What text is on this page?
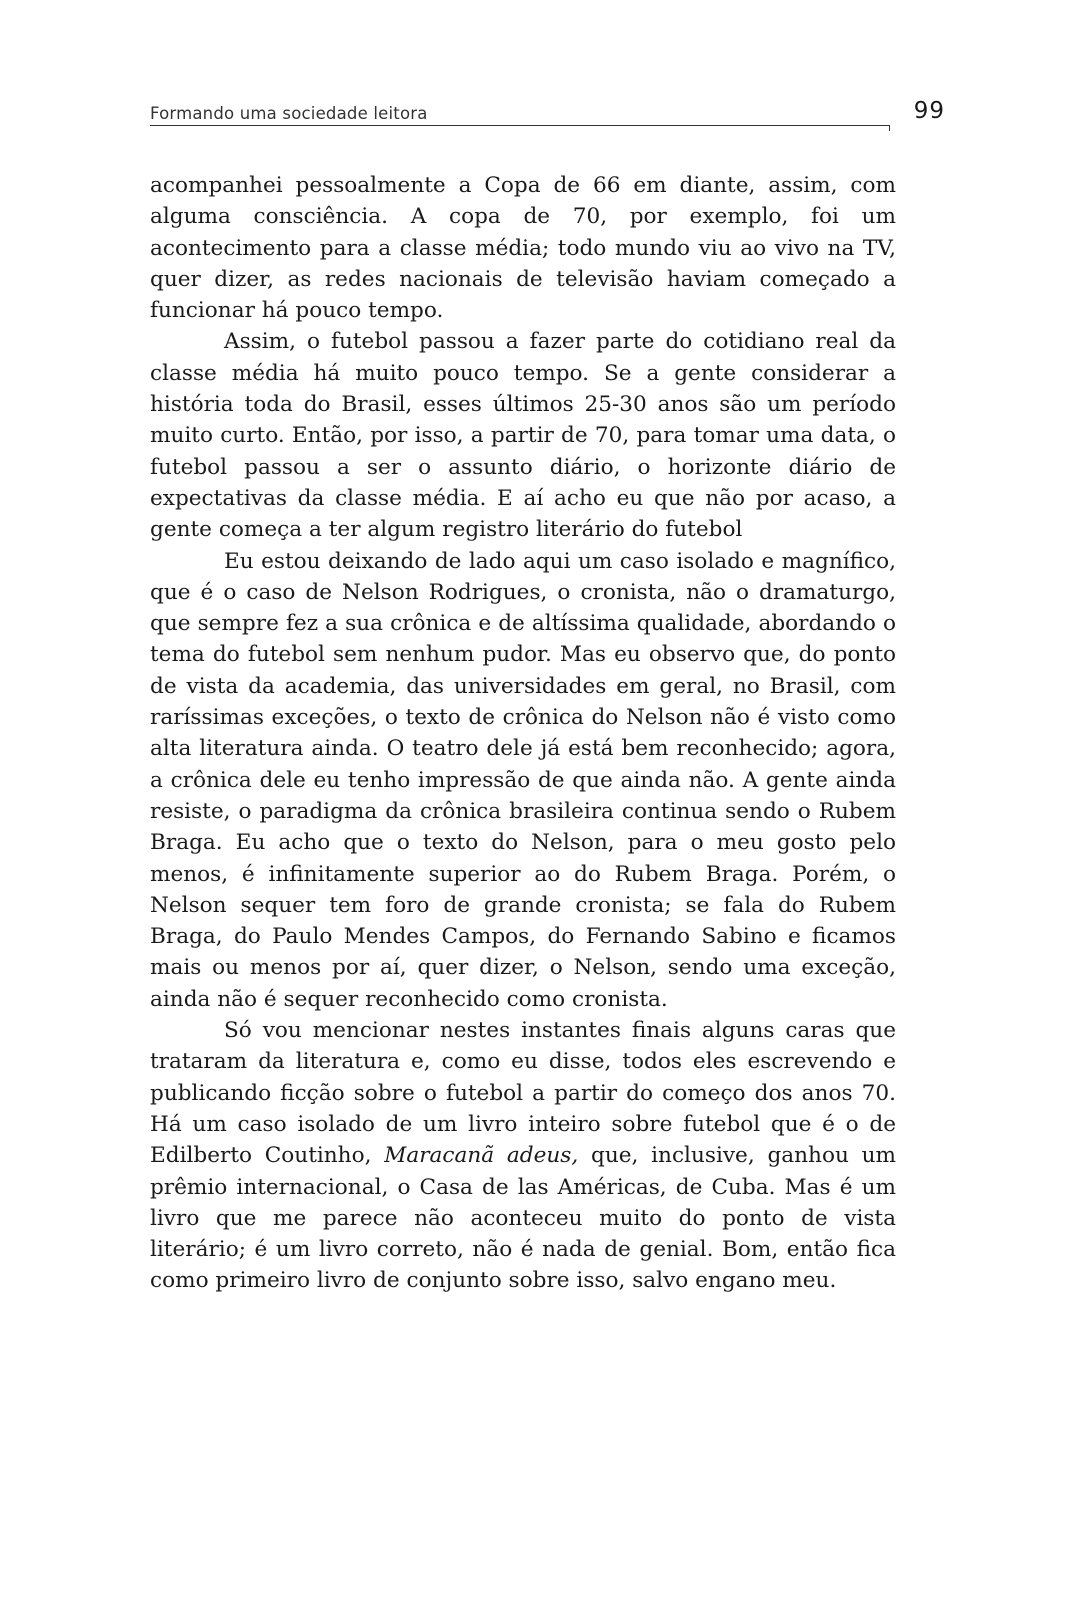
Formando uma sociedade leitora	99

acompanhei pessoalmente a Copa de 66 em diante, assim, com alguma consciência. A copa de 70, por exemplo, foi um acontecimento para a classe média; todo mundo viu ao vivo na TV, quer dizer, as redes nacionais de televisão haviam começado a funcionar há pouco tempo.

Assim, o futebol passou a fazer parte do cotidiano real da classe média há muito pouco tempo. Se a gente considerar a história toda do Brasil, esses últimos 25-30 anos são um período muito curto. Então, por isso, a partir de 70, para tomar uma data, o futebol passou a ser o assunto diário, o horizonte diário de expectativas da classe média. E aí acho eu que não por acaso, a gente começa a ter algum registro literário do futebol

Eu estou deixando de lado aqui um caso isolado e magnífico, que é o caso de Nelson Rodrigues, o cronista, não o dramaturgo, que sempre fez a sua crônica e de altíssima qualidade, abordando o tema do futebol sem nenhum pudor. Mas eu observo que, do ponto de vista da academia, das universidades em geral, no Brasil, com raríssimas exceções, o texto de crônica do Nelson não é visto como alta literatura ainda. O teatro dele já está bem reconhecido; agora, a crônica dele eu tenho impressão de que ainda não. A gente ainda resiste, o paradigma da crônica brasileira continua sendo o Rubem Braga. Eu acho que o texto do Nelson, para o meu gosto pelo menos, é infinitamente superior ao do Rubem Braga. Porém, o Nelson sequer tem foro de grande cronista; se fala do Rubem Braga, do Paulo Mendes Campos, do Fernando Sabino e ficamos mais ou menos por aí, quer dizer, o Nelson, sendo uma exceção, ainda não é sequer reconhecido como cronista.

Só vou mencionar nestes instantes finais alguns caras que trataram da literatura e, como eu disse, todos eles escrevendo e publicando ficção sobre o futebol a partir do começo dos anos 70. Há um caso isolado de um livro inteiro sobre futebol que é o de Edilberto Coutinho, Maracanã adeus, que, inclusive, ganhou um prêmio internacional, o Casa de las Américas, de Cuba. Mas é um livro que me parece não aconteceu muito do ponto de vista literário; é um livro correto, não é nada de genial. Bom, então fica como primeiro livro de conjunto sobre isso, salvo engano meu.
